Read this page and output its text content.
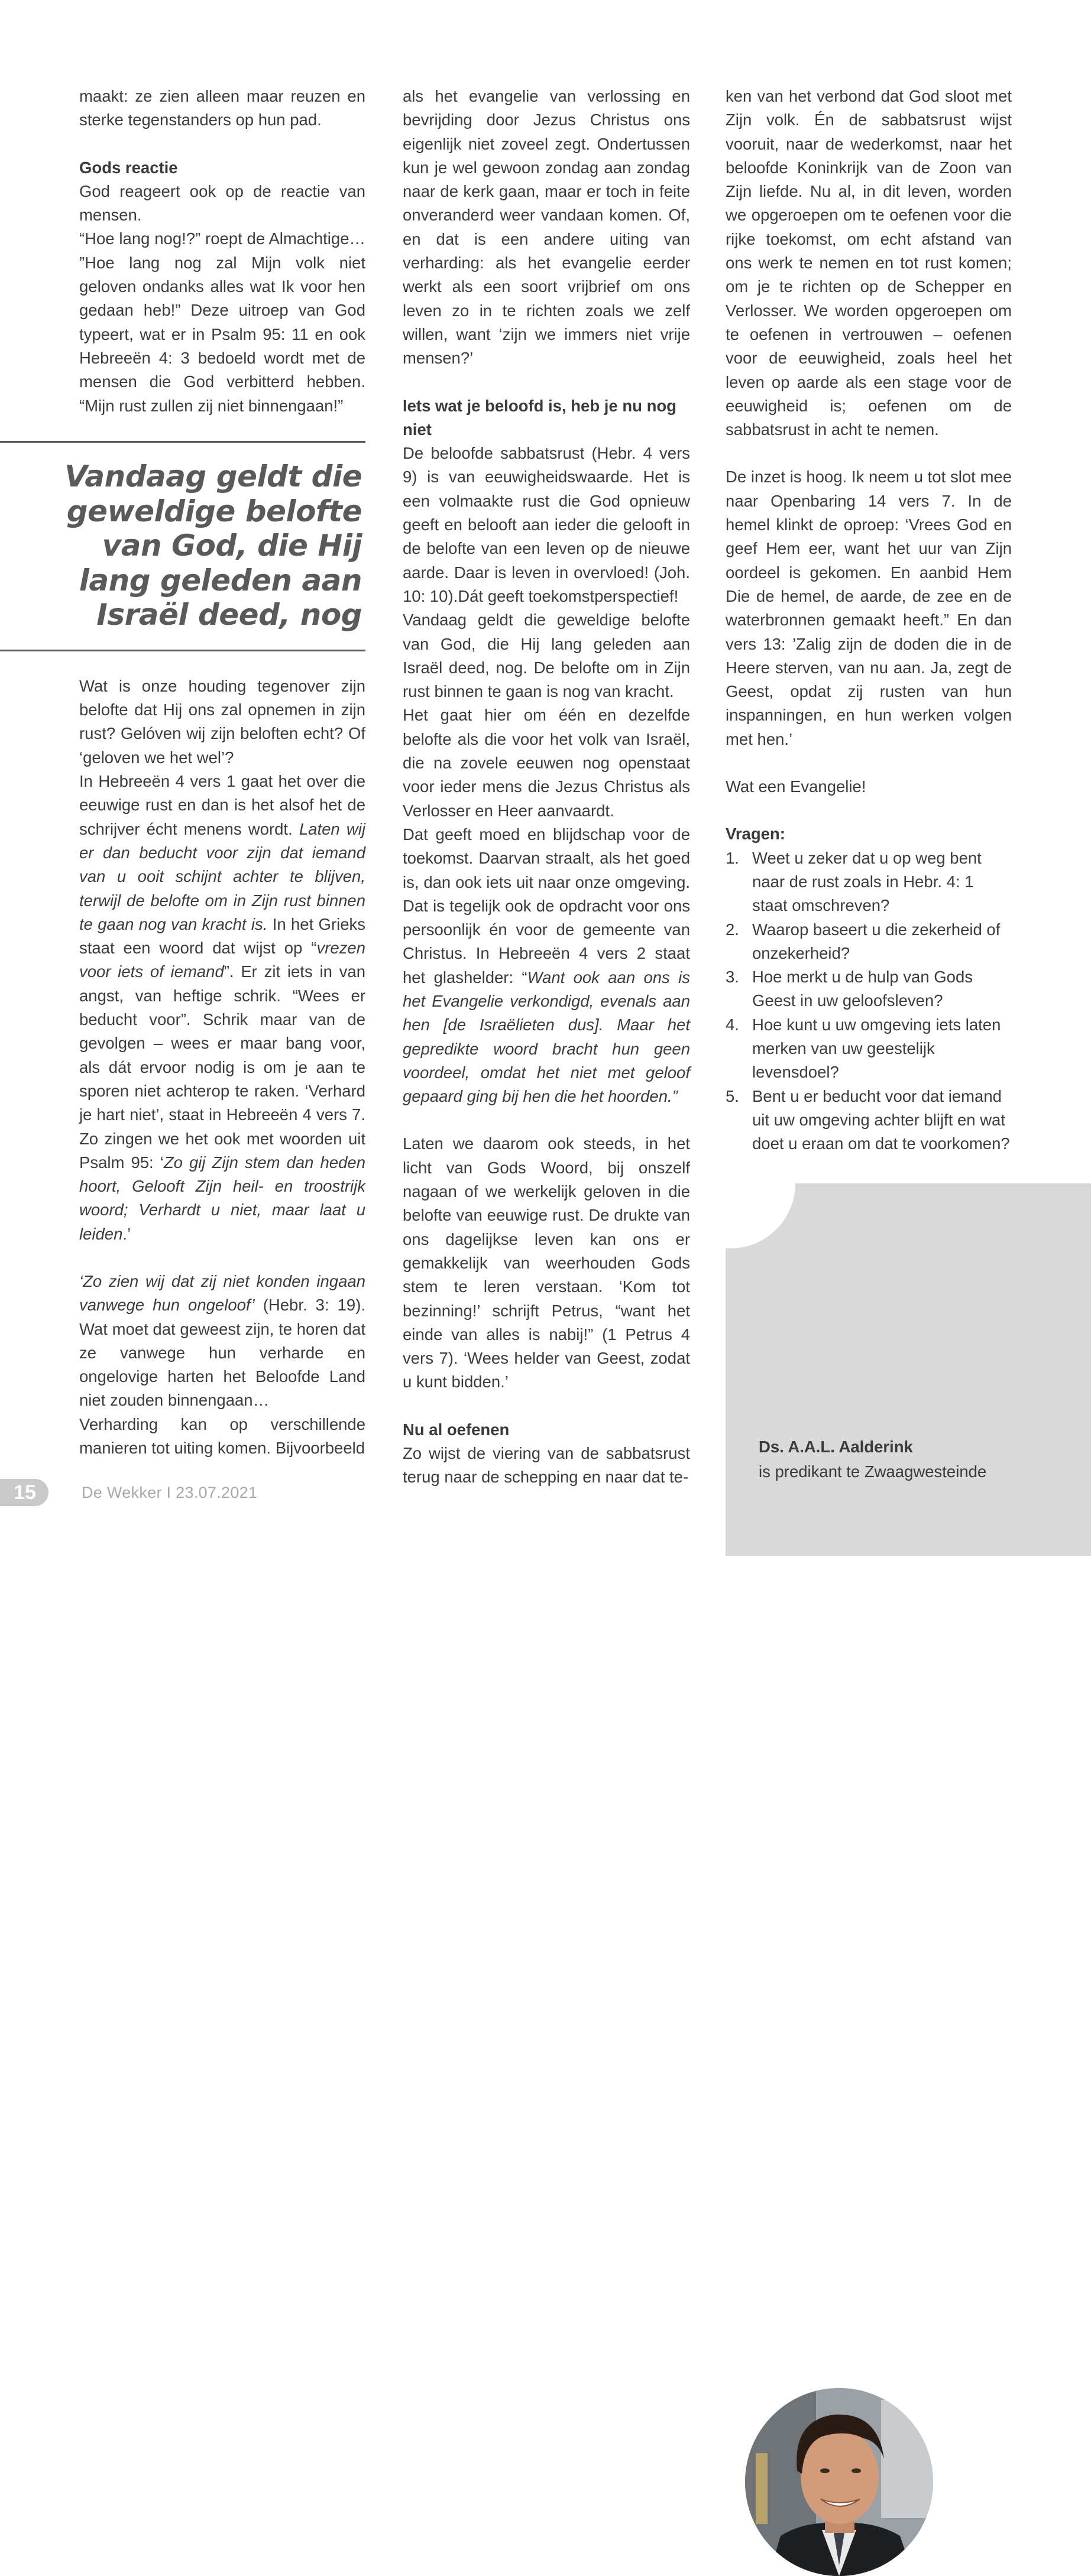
maakt: ze zien alleen maar reuzen en sterke tegenstanders op hun pad.

Gods reactie

God reageert ook op de reactie van mensen.

“Hoe lang nog!?” roept de Almachtige… ”Hoe lang nog zal Mijn volk niet geloven ondanks alles wat Ik voor hen gedaan heb!” Deze uitroep van God typeert, wat er in Psalm 95: 11 en ook Hebreeën 4: 3 bedoeld wordt met de mensen die God verbitterd hebben. “Mijn rust zullen zij niet binnengaan!”

Wat is onze houding tegenover zijn belofte dat Hij ons zal opnemen in zijn rust? Gelóven wij zijn beloften echt? Of ‘geloven we het wel’?

In Hebreeën 4 vers 1 gaat het over die eeuwige rust en dan is het alsof het de schrijver écht menens wordt. Laten wij er dan beducht voor zijn dat iemand van u ooit schijnt achter te blijven, terwijl de belofte om in Zijn rust binnen te gaan nog van kracht is. In het Grieks staat een woord dat wijst op “vrezen voor iets of iemand”. Er zit iets in van angst, van heftige schrik. “Wees er beducht voor”. Schrik maar van de gevolgen – wees er maar bang voor, als dát ervoor nodig is om je aan te sporen niet achterop te raken. ‘Verhard je hart niet’, staat in Hebreeën 4 vers 7. Zo zingen we het ook met woorden uit Psalm 95: ‘Zo gij Zijn stem dan heden hoort, Gelooft Zijn heil- en troostrijk woord; Verhardt u niet, maar laat u leiden.’

‘Zo zien wij dat zij niet konden ingaan vanwege hun ongeloof’ (Hebr. 3: 19). Wat moet dat geweest zijn, te horen dat ze vanwege hun verharde en ongelovige harten het Beloofde Land niet zouden binnengaan…

Verharding kan op verschillende manieren tot uiting komen. Bijvoorbeeld

Vandaag geldt die geweldige belofte van God, die Hij lang geleden aan Israël deed, nog

als het evangelie van verlossing en bevrijding door Jezus Christus ons eigenlijk niet zoveel zegt. Ondertussen kun je wel gewoon zondag aan zondag naar de kerk gaan, maar er toch in feite onveranderd weer vandaan komen. Of, en dat is een andere uiting van verharding: als het evangelie eerder werkt als een soort vrijbrief om ons leven zo in te richten zoals we zelf willen, want ‘zijn we immers niet vrije mensen?’

Iets wat je beloofd is, heb je nu nog niet

De beloofde sabbatsrust (Hebr. 4 vers 9) is van eeuwigheidswaarde. Het is een volmaakte rust die God opnieuw geeft en belooft aan ieder die gelooft in de belofte van een leven op de nieuwe aarde. Daar is leven in overvloed! (Joh. 10: 10).Dát geeft toekomstperspectief!

Vandaag geldt die geweldige belofte van God, die Hij lang geleden aan Israël deed, nog. De belofte om in Zijn rust binnen te gaan is nog van kracht.

Het gaat hier om één en dezelfde belofte als die voor het volk van Israël, die na zovele eeuwen nog openstaat voor ieder mens die Jezus Christus als Verlosser en Heer aanvaardt.

Dat geeft moed en blijdschap voor de toekomst. Daarvan straalt, als het goed is, dan ook iets uit naar onze omgeving. Dat is tegelijk ook de opdracht voor ons persoonlijk én voor de gemeente van Christus. In Hebreeën 4 vers 2 staat het glashelder: “Want ook aan ons is het Evangelie verkondigd, evenals aan hen [de Israëlieten dus]. Maar het gepredikte woord bracht hun geen voordeel, omdat het niet met geloof gepaard ging bij hen die het hoorden.”

Laten we daarom ook steeds, in het licht van Gods Woord, bij onszelf nagaan of we werkelijk geloven in die belofte van eeuwige rust. De drukte van ons dagelijkse leven kan ons er gemakkelijk van weerhouden Gods stem te leren verstaan. ‘Kom tot bezinning!’ schrijft Petrus, “want het einde van alles is nabij!” (1 Petrus 4 vers 7). ‘Wees helder van Geest, zodat u kunt bidden.’

Nu al oefenen

Zo wijst de viering van de sabbatsrust terug naar de schepping en naar dat te-

ken van het verbond dat God sloot met Zijn volk. Én de sabbatsrust wijst vooruit, naar de wederkomst, naar het beloofde Koninkrijk van de Zoon van Zijn liefde. Nu al, in dit leven, worden we opgeroepen om te oefenen voor die rijke toekomst, om echt afstand van ons werk te nemen en tot rust komen; om je te richten op de Schepper en Verlosser. We worden opgeroepen om te oefenen in vertrouwen – oefenen voor de eeuwigheid, zoals heel het leven op aarde als een stage voor de eeuwigheid is; oefenen om de sabbatsrust in acht te nemen.

De inzet is hoog. Ik neem u tot slot mee naar Openbaring 14 vers 7. In de hemel klinkt de oproep: ‘Vrees God en geef Hem eer, want het uur van Zijn oordeel is gekomen. En aanbid Hem Die de hemel, de aarde, de zee en de waterbronnen gemaakt heeft.” En dan vers 13: ’Zalig zijn de doden die in de Heere sterven, van nu aan. Ja, zegt de Geest, opdat zij rusten van hun inspanningen, en hun werken volgen met hen.’

Wat een Evangelie!

Vragen:
1. Weet u zeker dat u op weg bent naar de rust zoals in Hebr. 4: 1 staat omschreven?
2. Waarop baseert u die zekerheid of onzekerheid?
3. Hoe merkt u de hulp van Gods Geest in uw geloofsleven?
4. Hoe kunt u uw omgeving iets laten merken van uw geestelijk levensdoel?
5. Bent u er beducht voor dat iemand uit uw omgeving achter blijft en wat doet u eraan om dat te voorkomen?
Ds. A.A.L. Aalderink
is predikant te Zwaagwesteinde
15	De Wekker I 23.07.2021
